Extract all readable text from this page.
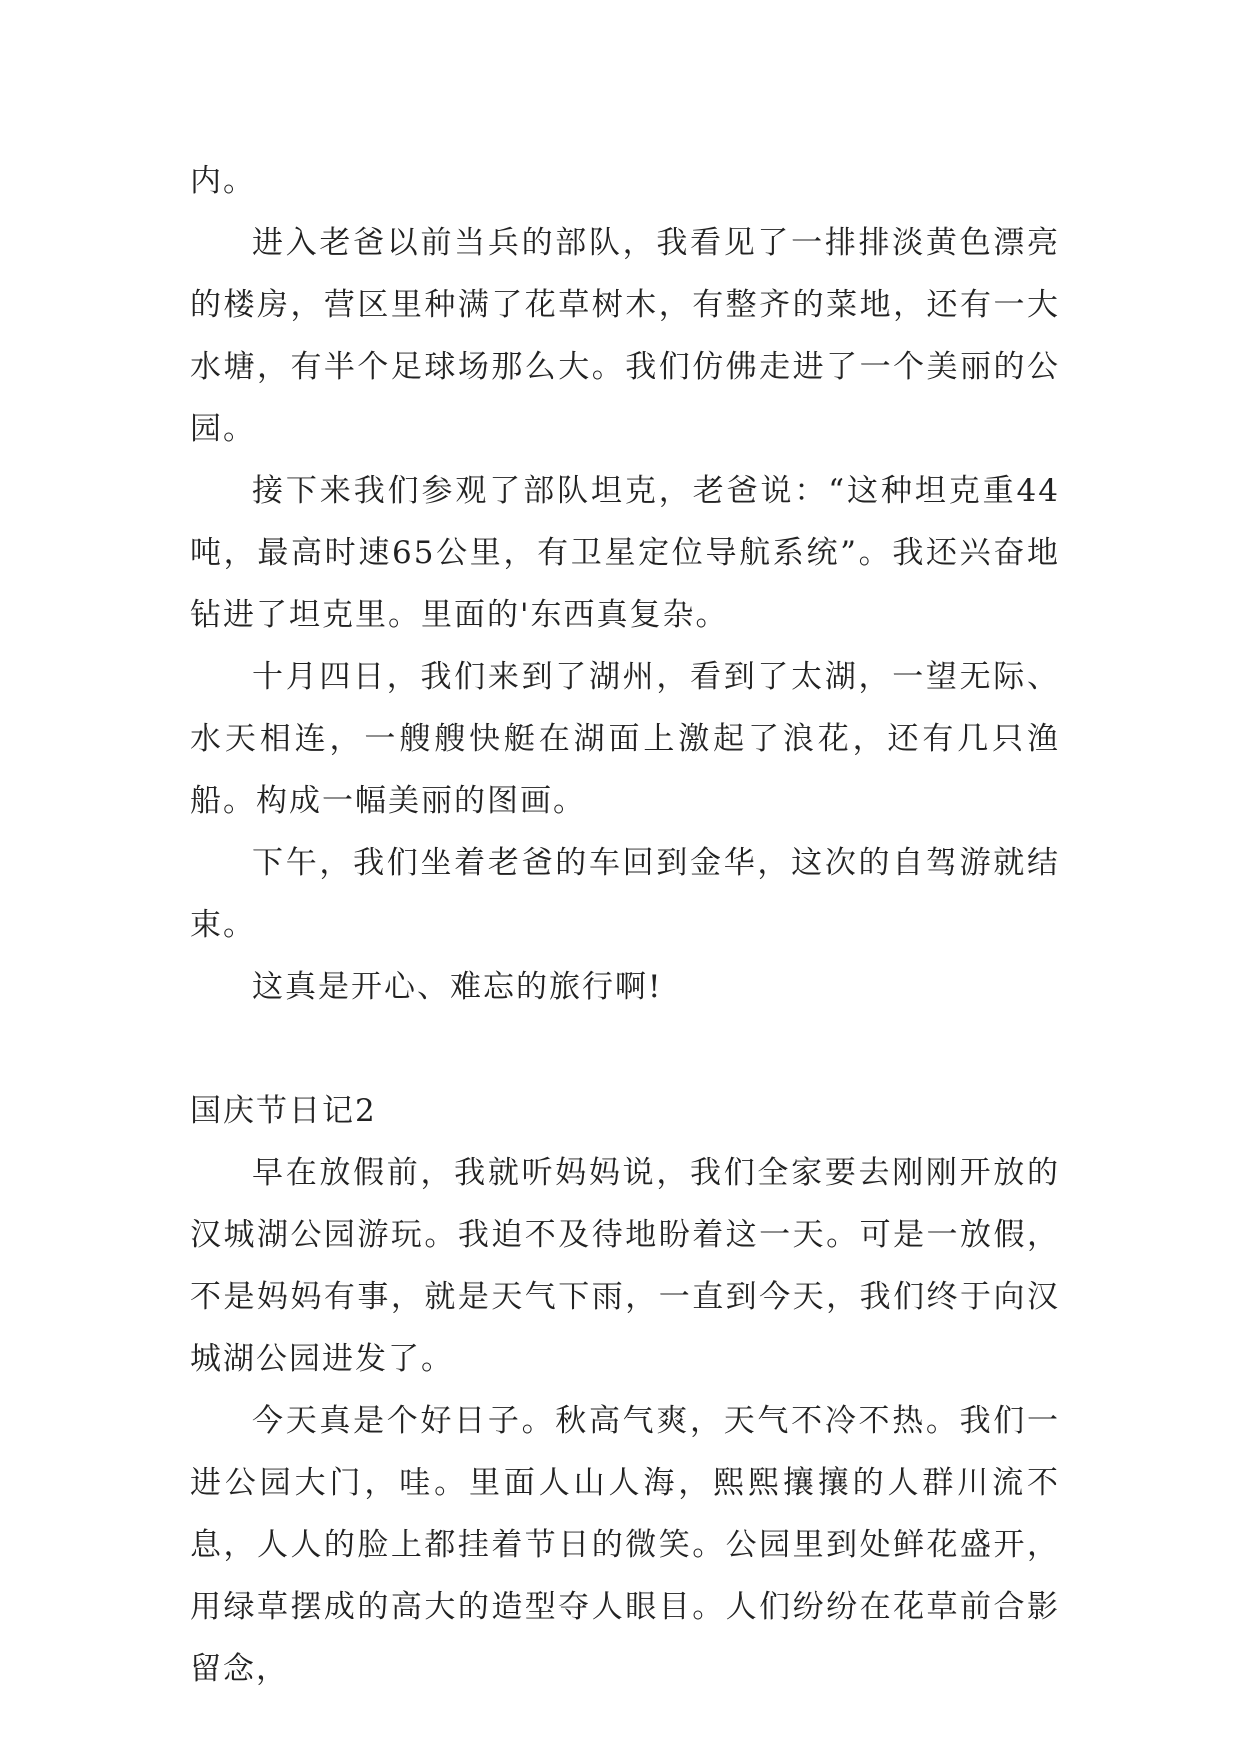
内。

进入老爸以前当兵的部队，我看见了一排排淡黄色漂亮的楼房，营区里种满了花草树木，有整齐的菜地，还有一大水塘，有半个足球场那么大。我们仿佛走进了一个美丽的公园。

接下来我们参观了部队坦克，老爸说：“这种坦克重44吨，最高时速65公里，有卫星定位导航系统”。我还兴奋地钻进了坦克里。里面的'东西真复杂。

十月四日，我们来到了湖州，看到了太湖，一望无际、水天相连，一艘艘快艇在湖面上激起了浪花，还有几只渔船。构成一幅美丽的图画。

下午，我们坐着老爸的车回到金华，这次的自驾游就结束。

这真是开心、难忘的旅行啊!

国庆节日记2

早在放假前，我就听妈妈说，我们全家要去刚刚开放的汉城湖公园游玩。我迫不及待地盼着这一天。可是一放假，不是妈妈有事，就是天气下雨，一直到今天，我们终于向汉城湖公园进发了。

今天真是个好日子。秋高气爽，天气不冷不热。我们一进公园大门，哇。里面人山人海，熙熙攘攘的人群川流不息，人人的脸上都挂着节日的微笑。公园里到处鲜花盛开，用绿草摆成的高大的造型夺人眼目。人们纷纷在花草前合影留念，
